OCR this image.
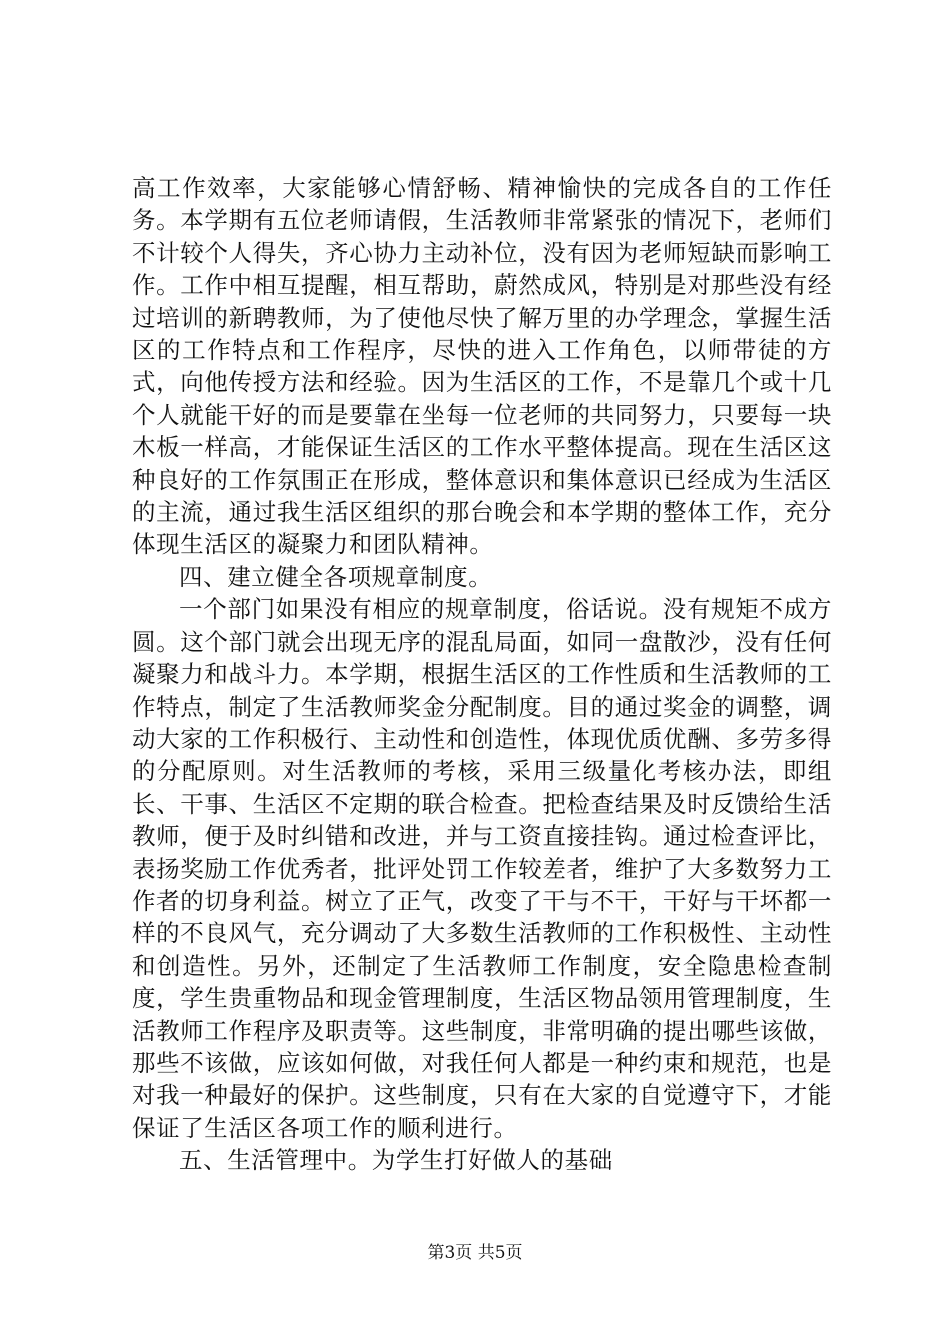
高工作效率，大家能够心情舒畅、精神愉快的完成各自的工作任务。本学期有五位老师请假，生活教师非常紧张的情况下，老师们不计较个人得失，齐心协力主动补位，没有因为老师短缺而影响工作。工作中相互提醒，相互帮助，蔚然成风，特别是对那些没有经过培训的新聘教师，为了使他尽快了解万里的办学理念，掌握生活区的工作特点和工作程序，尽快的进入工作角色，以师带徒的方式，向他传授方法和经验。因为生活区的工作，不是靠几个或十几个人就能干好的而是要靠在坐每一位老师的共同努力，只要每一块木板一样高，才能保证生活区的工作水平整体提高。现在生活区这种良好的工作氛围正在形成，整体意识和集体意识已经成为生活区的主流，通过我生活区组织的那台晚会和本学期的整体工作，充分体现生活区的凝聚力和团队精神。

四、建立健全各项规章制度。

一个部门如果没有相应的规章制度，俗话说。没有规矩不成方圆。这个部门就会出现无序的混乱局面，如同一盘散沙，没有任何凝聚力和战斗力。本学期，根据生活区的工作性质和生活教师的工作特点，制定了生活教师奖金分配制度。目的通过奖金的调整，调动大家的工作积极行、主动性和创造性，体现优质优酬、多劳多得的分配原则。对生活教师的考核，采用三级量化考核办法，即组长、干事、生活区不定期的联合检查。把检查结果及时反馈给生活教师，便于及时纠错和改进，并与工资直接挂钩。通过检查评比，表扬奖励工作优秀者，批评处罚工作较差者，维护了大多数努力工作者的切身利益。树立了正气，改变了干与不干，干好与干坏都一样的不良风气，充分调动了大多数生活教师的工作积极性、主动性和创造性。另外，还制定了生活教师工作制度，安全隐患检查制度，学生贵重物品和现金管理制度，生活区物品领用管理制度，生活教师工作程序及职责等。这些制度，非常明确的提出哪些该做，那些不该做，应该如何做，对我任何人都是一种约束和规范，也是对我一种最好的保护。这些制度，只有在大家的自觉遵守下，才能保证了生活区各项工作的顺利进行。

五、生活管理中。为学生打好做人的基础

第3页 共5页
